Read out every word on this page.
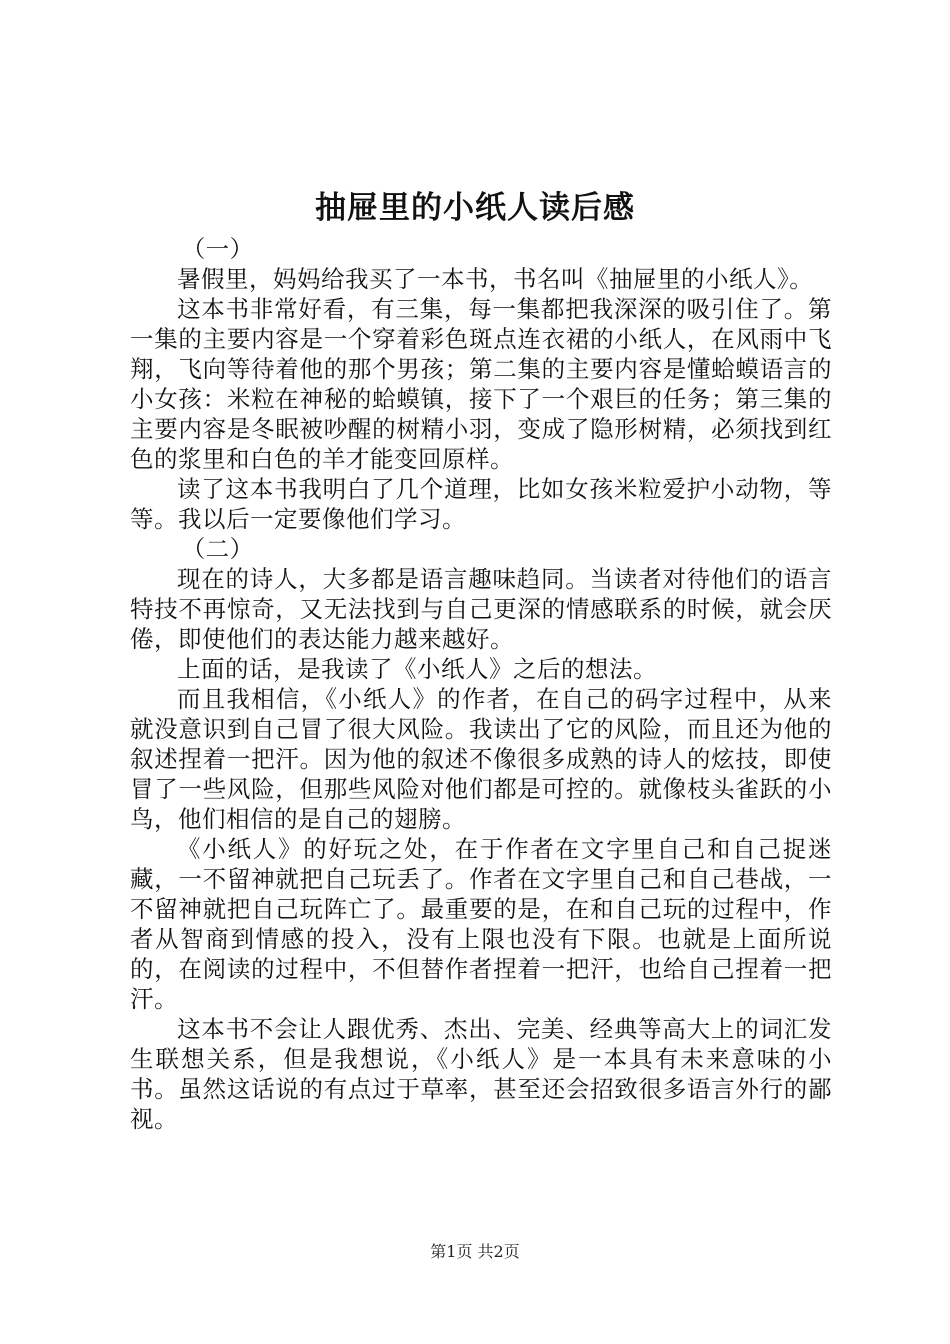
抽屉里的小纸人读后感

（一）

暑假里，妈妈给我买了一本书，书名叫《抽屉里的小纸人》。

这本书非常好看，有三集，每一集都把我深深的吸引住了。第一集的主要内容是一个穿着彩色斑点连衣裙的小纸人，在风雨中飞翔，飞向等待着他的那个男孩；第二集的主要内容是懂蛤蟆语言的小女孩：米粒在神秘的蛤蟆镇，接下了一个艰巨的任务；第三集的主要内容是冬眠被吵醒的树精小羽，变成了隐形树精，必须找到红色的浆里和白色的羊才能变回原样。

读了这本书我明白了几个道理，比如女孩米粒爱护小动物，等等。我以后一定要像他们学习。

（二）

现在的诗人，大多都是语言趣味趋同。当读者对待他们的语言特技不再惊奇，又无法找到与自己更深的情感联系的时候，就会厌倦，即使他们的表达能力越来越好。

上面的话，是我读了《小纸人》之后的想法。

而且我相信，《小纸人》的作者，在自己的码字过程中，从来就没意识到自己冒了很大风险。我读出了它的风险，而且还为他的叙述捏着一把汗。因为他的叙述不像很多成熟的诗人的炫技，即使冒了一些风险，但那些风险对他们都是可控的。就像枝头雀跃的小鸟，他们相信的是自己的翅膀。

《小纸人》的好玩之处，在于作者在文字里自己和自己捉迷藏，一不留神就把自己玩丢了。作者在文字里自己和自己巷战，一不留神就把自己玩阵亡了。最重要的是，在和自己玩的过程中，作者从智商到情感的投入，没有上限也没有下限。也就是上面所说的，在阅读的过程中，不但替作者捏着一把汗，也给自己捏着一把汗。

这本书不会让人跟优秀、杰出、完美、经典等高大上的词汇发生联想关系，但是我想说，《小纸人》是一本具有未来意味的小书。虽然这话说的有点过于草率，甚至还会招致很多语言外行的鄙视。

第1页 共2页
